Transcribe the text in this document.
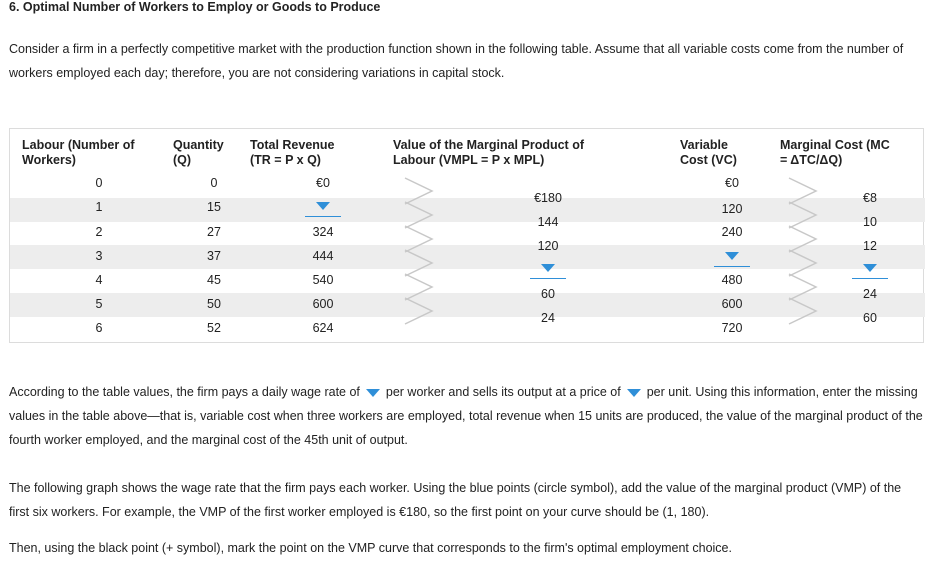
6. Optimal Number of Workers to Employ or Goods to Produce
Consider a firm in a perfectly competitive market with the production function shown in the following table. Assume that all variable costs come from the number of workers employed each day; therefore, you are not considering variations in capital stock.
Labour (Number of
Workers)
Quantity
(Q)
Total Revenue
(TR = P x Q)
Value of the Marginal Product of
Labour (VMPL = P x MPL)
Variable
Cost (VC)
Marginal Cost (MC
= ΔTC/ΔQ)
0
1
2
3
4
5
6
0
15
27
37
45
50
52
€0
324
444
540
600
624
€180
144
120
60
24
€0
120
240
480
600
720
€8
10
12
24
60
According to the table values, the firm pays a daily wage rate of per worker and sells its output at a price of per unit. Using this information, enter the missing values in the table above—that is, variable cost when three workers are employed, total revenue when 15 units are produced, the value of the marginal product of the fourth worker employed, and the marginal cost of the 45th unit of output.
The following graph shows the wage rate that the firm pays each worker. Using the blue points (circle symbol), add the value of the marginal product (VMP) of the first six workers. For example, the VMP of the first worker employed is €180, so the first point on your curve should be (1, 180).
Then, using the black point (+ symbol), mark the point on the VMP curve that corresponds to the firm's optimal employment choice.
